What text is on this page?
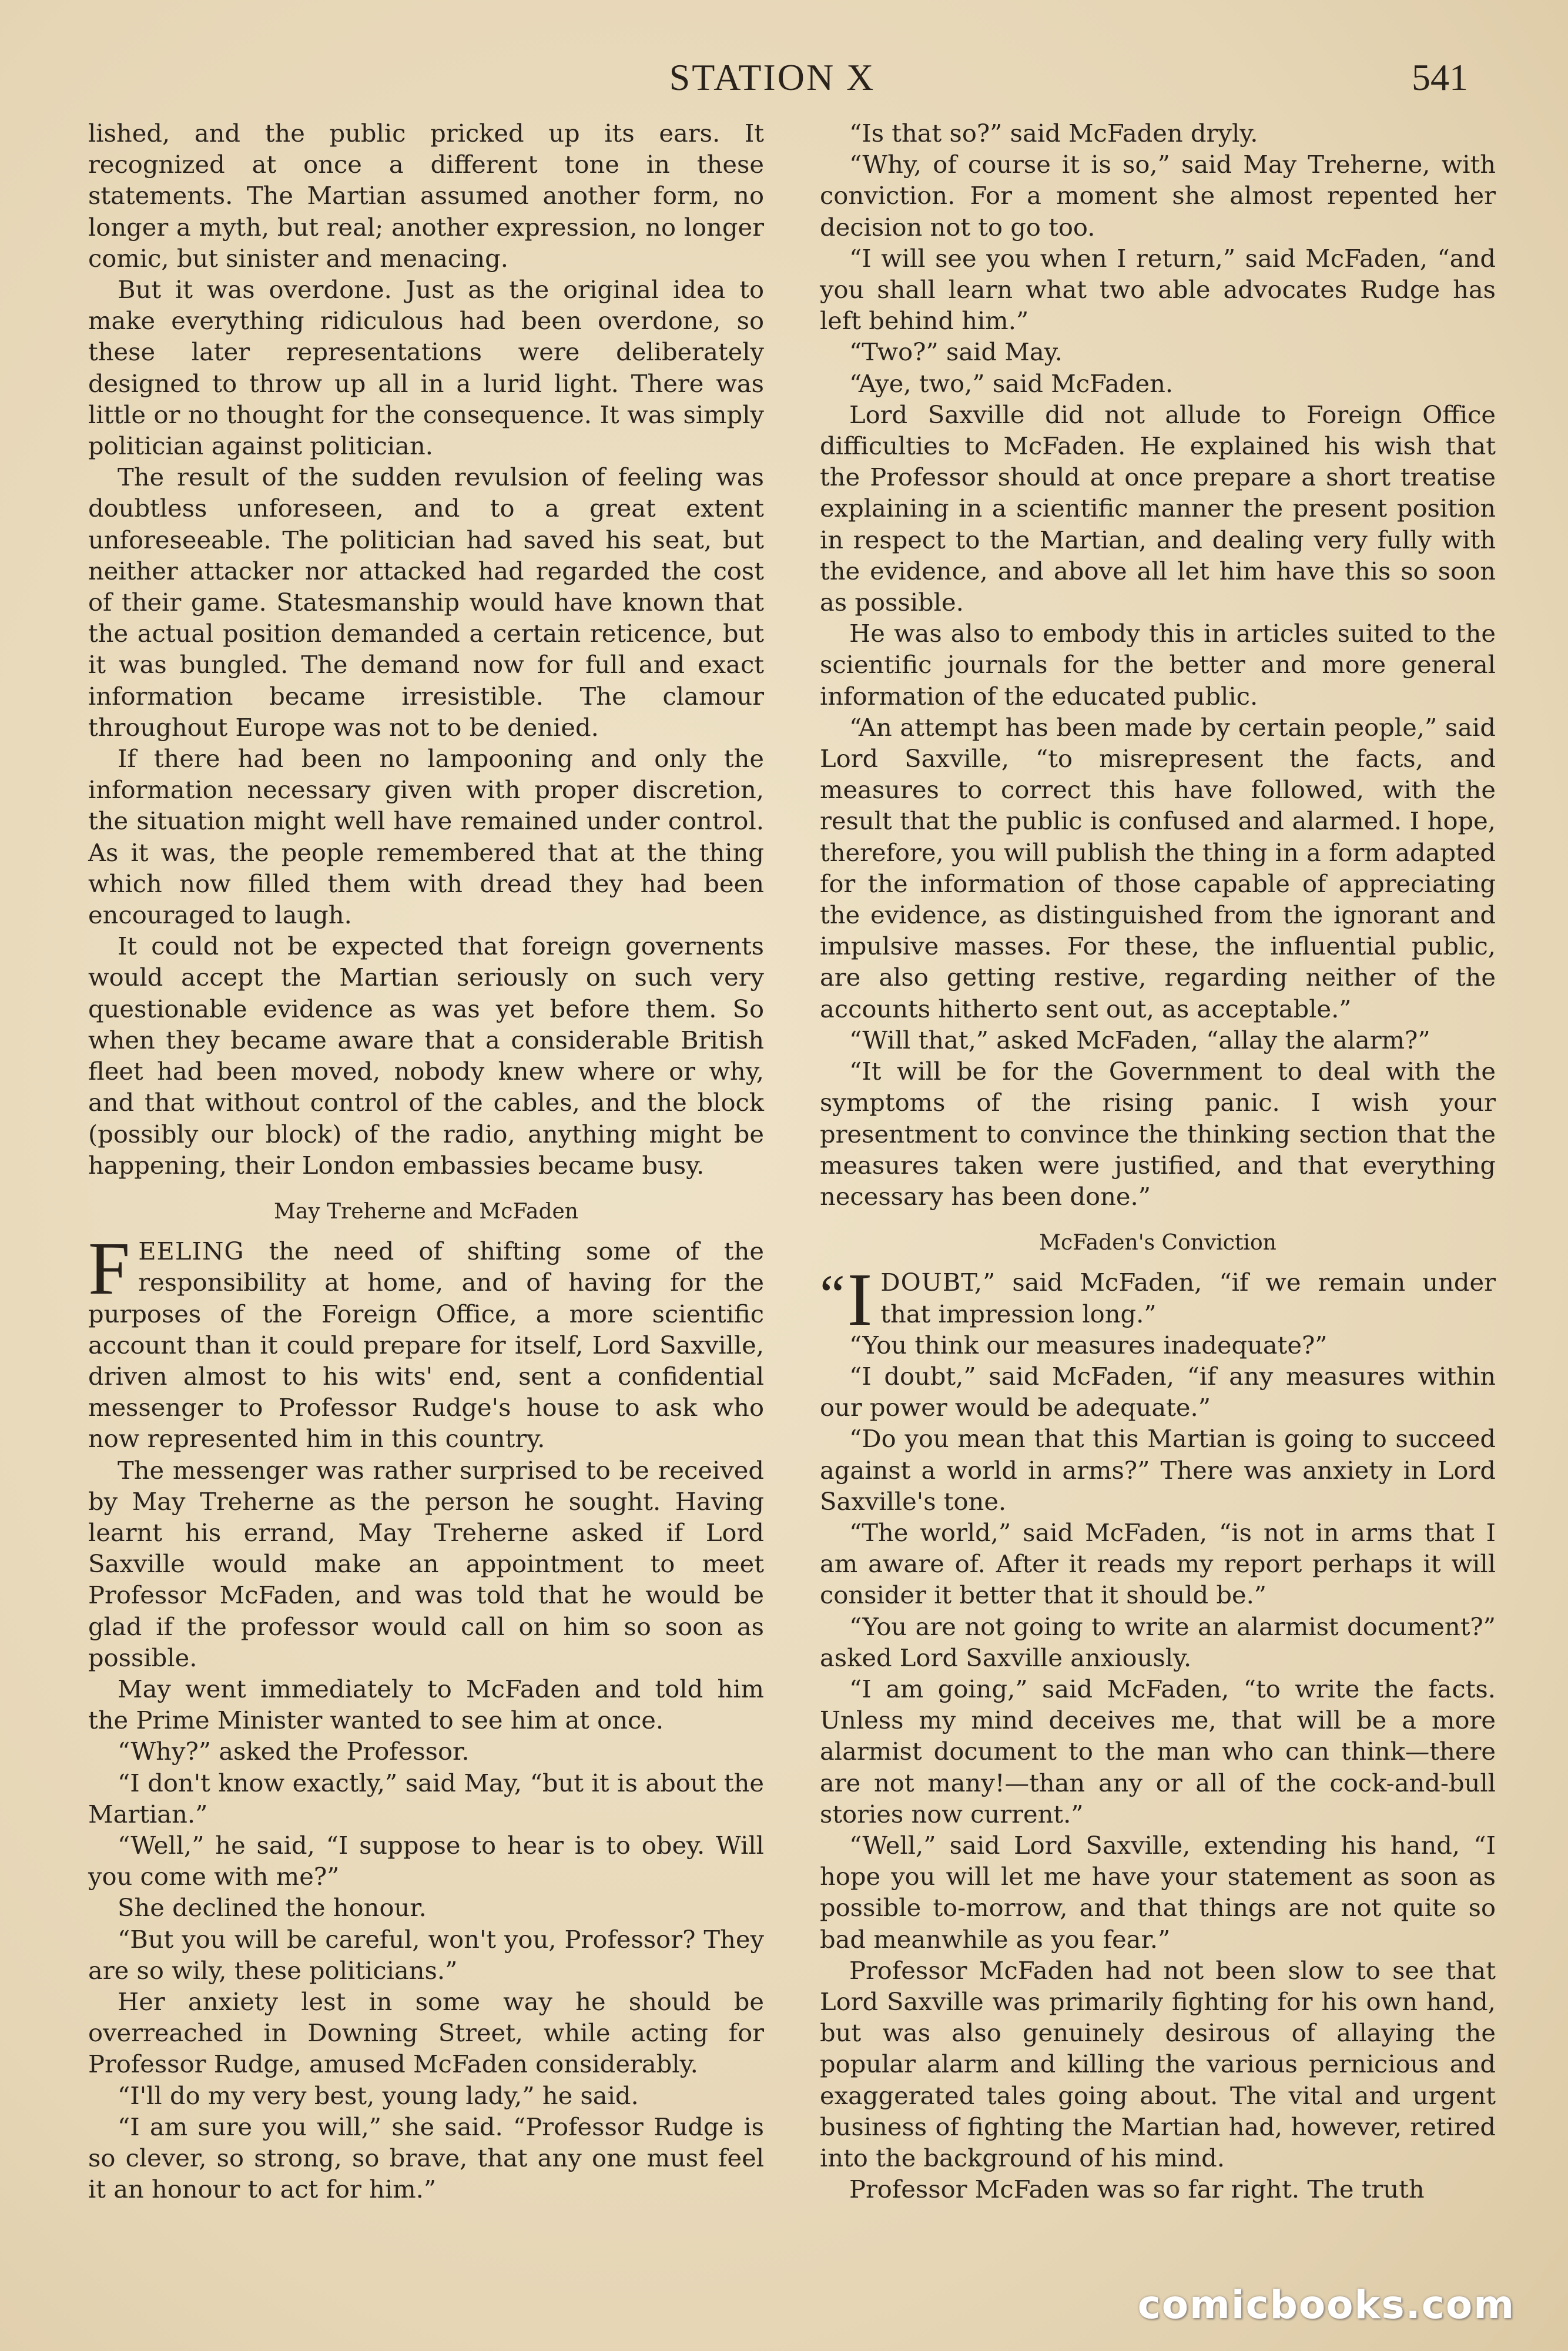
STATION X	541

lished, and the public pricked up its ears. It recognized at once a different tone in these statements. The Martian assumed another form, no longer a myth, but real; another expression, no longer comic, but sinister and menacing.

But it was overdone. Just as the original idea to make everything ridiculous had been overdone, so these later representations were deliberately designed to throw up all in a lurid light. There was little or no thought for the consequence. It was simply politician against politician.

The result of the sudden revulsion of feeling was doubtless unforeseen, and to a great extent unforeseeable. The politician had saved his seat, but neither attacker nor attacked had regarded the cost of their game. Statesmanship would have known that the actual position demanded a certain reticence, but it was bungled. The demand now for full and exact information became irresistible. The clamour throughout Europe was not to be denied.

If there had been no lampooning and only the information necessary given with proper discretion, the situation might well have remained under control. As it was, the people remembered that at the thing which now filled them with dread they had been encouraged to laugh.

It could not be expected that foreign governents would accept the Martian seriously on such very questionable evidence as was yet before them. So when they became aware that a considerable British fleet had been moved, nobody knew where or why, and that without control of the cables, and the block (possibly our block) of the radio, anything might be happening, their London embassies became busy.

May Treherne and McFaden

FEELING the need of shifting some of the responsibility at home, and of having for the purposes of the Foreign Office, a more scientific account than it could prepare for itself, Lord Saxville, driven almost to his wits' end, sent a confidential messenger to Professor Rudge's house to ask who now represented him in this country.

The messenger was rather surprised to be received by May Treherne as the person he sought. Having learnt his errand, May Treherne asked if Lord Saxville would make an appointment to meet Professor McFaden, and was told that he would be glad if the professor would call on him so soon as possible.

May went immediately to McFaden and told him the Prime Minister wanted to see him at once.

“Why?” asked the Professor.

“I don't know exactly,” said May, “but it is about the Martian.”

“Well,” he said, “I suppose to hear is to obey. Will you come with me?”

She declined the honour.

“But you will be careful, won't you, Professor? They are so wily, these politicians.”

Her anxiety lest in some way he should be overreached in Downing Street, while acting for Professor Rudge, amused McFaden considerably.

“I'll do my very best, young lady,” he said.

“I am sure you will,” she said. “Professor Rudge is so clever, so strong, so brave, that any one must feel it an honour to act for him.”

“Is that so?” said McFaden dryly.

“Why, of course it is so,” said May Treherne, with conviction. For a moment she almost repented her decision not to go too.

“I will see you when I return,” said McFaden, “and you shall learn what two able advocates Rudge has left behind him.”

“Two?” said May.

“Aye, two,” said McFaden.

Lord Saxville did not allude to Foreign Office difficulties to McFaden. He explained his wish that the Professor should at once prepare a short treatise explaining in a scientific manner the present position in respect to the Martian, and dealing very fully with the evidence, and above all let him have this so soon as possible.

He was also to embody this in articles suited to the scientific journals for the better and more general information of the educated public.

“An attempt has been made by certain people,” said Lord Saxville, “to misrepresent the facts, and measures to correct this have followed, with the result that the public is confused and alarmed. I hope, therefore, you will publish the thing in a form adapted for the information of those capable of appreciating the evidence, as distinguished from the ignorant and impulsive masses. For these, the influential public, are also getting restive, regarding neither of the accounts hitherto sent out, as acceptable.”

“Will that,” asked McFaden, “allay the alarm?”

“It will be for the Government to deal with the symptoms of the rising panic. I wish your presentment to convince the thinking section that the measures taken were justified, and that everything necessary has been done.”

McFaden's Conviction

“ I DOUBT,” said McFaden, “if we remain under that impression long.”

“You think our measures inadequate?”

“I doubt,” said McFaden, “if any measures within our power would be adequate.”

“Do you mean that this Martian is going to succeed against a world in arms?” There was anxiety in Lord Saxville's tone.

“The world,” said McFaden, “is not in arms that I am aware of. After it reads my report perhaps it will consider it better that it should be.”

“You are not going to write an alarmist document?” asked Lord Saxville anxiously.

“I am going,” said McFaden, “to write the facts. Unless my mind deceives me, that will be a more alarmist document to the man who can think—there are not many!—than any or all of the cock-and-bull stories now current.”

“Well,” said Lord Saxville, extending his hand, “I hope you will let me have your statement as soon as possible to-morrow, and that things are not quite so bad meanwhile as you fear.”

Professor McFaden had not been slow to see that Lord Saxville was primarily fighting for his own hand, but was also genuinely desirous of allaying the popular alarm and killing the various pernicious and exaggerated tales going about. The vital and urgent business of fighting the Martian had, however, retired into the background of his mind.

Professor McFaden was so far right. The truth

comicbooks.com
